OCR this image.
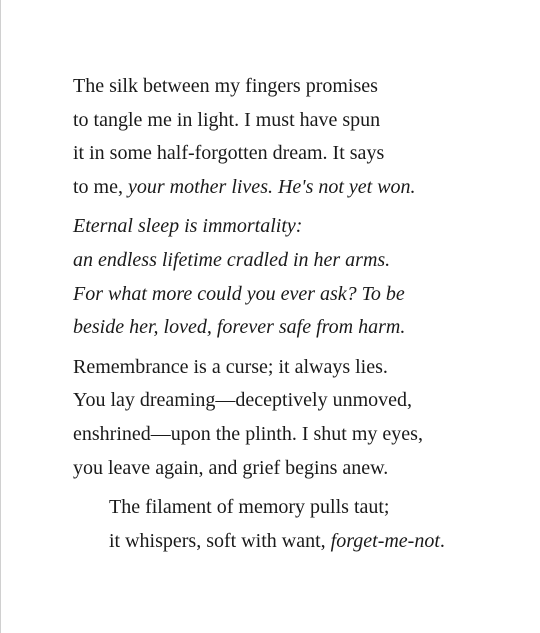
The silk between my fingers promises
to tangle me in light. I must have spun
it in some half-forgotten dream. It says
to me, your mother lives. He's not yet won.
Eternal sleep is immortality:
an endless lifetime cradled in her arms.
For what more could you ever ask? To be
beside her, loved, forever safe from harm.
Remembrance is a curse; it always lies.
You lay dreaming—deceptively unmoved,
enshrined—upon the plinth. I shut my eyes,
you leave again, and grief begins anew.
The filament of memory pulls taut;
it whispers, soft with want, forget-me-not.
